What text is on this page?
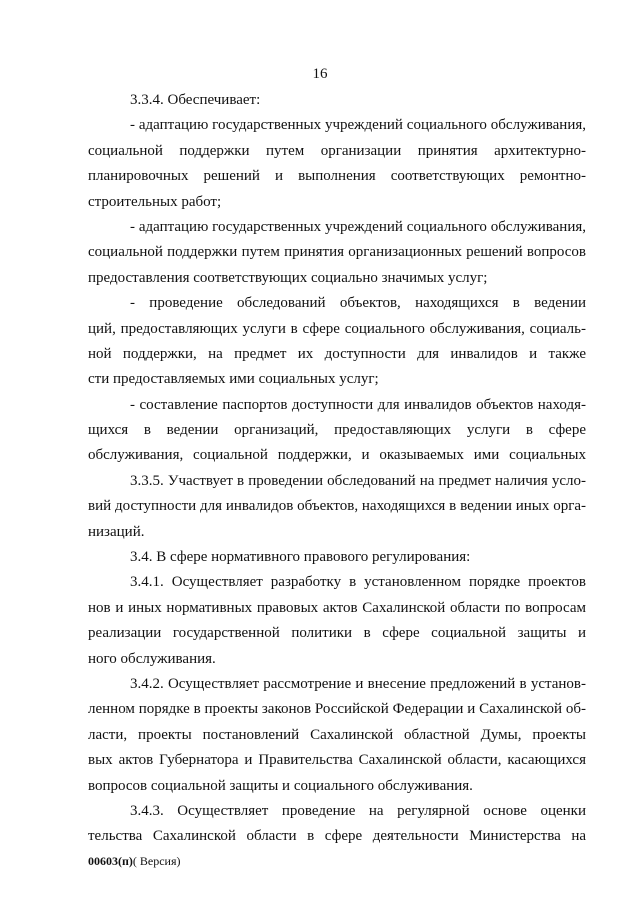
16
3.3.4. Обеспечивает:
- адаптацию государственных учреждений социального обслуживания,
социальной поддержки путем организации принятия архитектурно-
планировочных решений и выполнения соответствующих ремонтно-
строительных работ;
- адаптацию государственных учреждений социального обслуживания,
социальной поддержки путем принятия организационных решений вопросов
предоставления соответствующих социально значимых услуг;
- проведение обследований объектов, находящихся в ведении
ций, предоставляющих услуги в сфере социального обслуживания, социаль-
ной поддержки, на предмет их доступности для инвалидов и также
сти предоставляемых ими социальных услуг;
- составление паспортов доступности для инвалидов объектов находя-
щихся в ведении организаций, предоставляющих услуги в сфере
обслуживания, социальной поддержки, и оказываемых ими социальных
3.3.5. Участвует в проведении обследований на предмет наличия усло-
вий доступности для инвалидов объектов, находящихся в ведении иных орга-
низаций.
3.4. В сфере нормативного правового регулирования:
3.4.1. Осуществляет разработку в установленном порядке проектов
нов и иных нормативных правовых актов Сахалинской области по вопросам
реализации государственной политики в сфере социальной защиты и
ного обслуживания.
3.4.2. Осуществляет рассмотрение и внесение предложений в установ-
ленном порядке в проекты законов Российской Федерации и Сахалинской об-
ласти, проекты постановлений Сахалинской областной Думы, проекты
вых актов Губернатора и Правительства Сахалинской области, касающихся
вопросов социальной защиты и социального обслуживания.
3.4.3. Осуществляет проведение на регулярной основе оценки
тельства Сахалинской области в сфере деятельности Министерства на
00603(п)( Версия)
